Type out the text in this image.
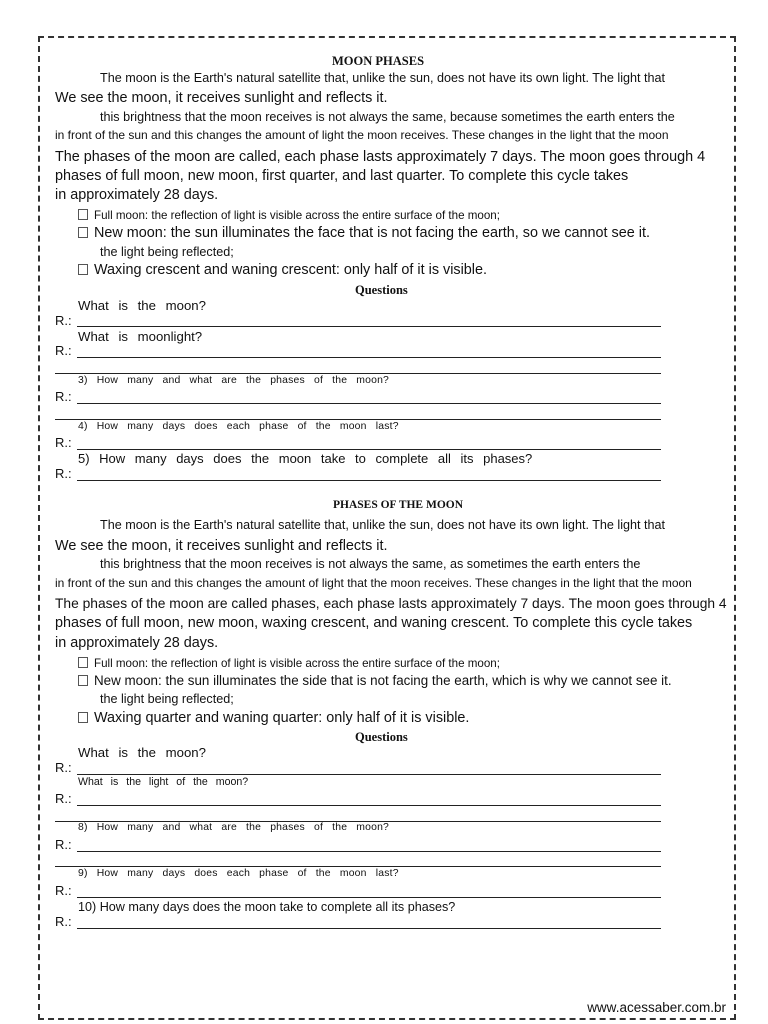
MOON PHASES
The moon is the Earth's natural satellite that, unlike the sun, does not have its own light. The light that
We see the moon, it receives sunlight and reflects it.
this brightness that the moon receives is not always the same, because sometimes the earth enters the
in front of the sun and this changes the amount of light the moon receives. These changes in the light that the moon
The phases of the moon are called, each phase lasts approximately 7 days. The moon goes through 4
phases of full moon, new moon, first quarter, and last quarter. To complete this cycle takes
in approximately 28 days.
Full moon: the reflection of light is visible across the entire surface of the moon;
New moon: the sun illuminates the face that is not facing the earth, so we cannot see it.
the light being reflected;
Waxing crescent and waning crescent: only half of it is visible.
Questions
What is the moon?
R.:
What is moonlight?
R.:
3) How many and what are the phases of the moon?
R.:
4) How many days does each phase of the moon last?
R.:
5) How many days does the moon take to complete all its phases?
R.:
PHASES OF THE MOON
The moon is the Earth's natural satellite that, unlike the sun, does not have its own light. The light that
We see the moon, it receives sunlight and reflects it.
this brightness that the moon receives is not always the same, as sometimes the earth enters the
in front of the sun and this changes the amount of light that the moon receives. These changes in the light that the moon
The phases of the moon are called phases, each phase lasts approximately 7 days. The moon goes through 4
phases of full moon, new moon, waxing crescent, and waning crescent. To complete this cycle takes
in approximately 28 days.
Full moon: the reflection of light is visible across the entire surface of the moon;
New moon: the sun illuminates the side that is not facing the earth, which is why we cannot see it.
the light being reflected;
Waxing quarter and waning quarter: only half of it is visible.
Questions
What is the moon?
R.:
What is the light of the moon?
R.:
8) How many and what are the phases of the moon?
R.:
9) How many days does each phase of the moon last?
R.:
10) How many days does the moon take to complete all its phases?
R.:
www.acessaber.com.br
